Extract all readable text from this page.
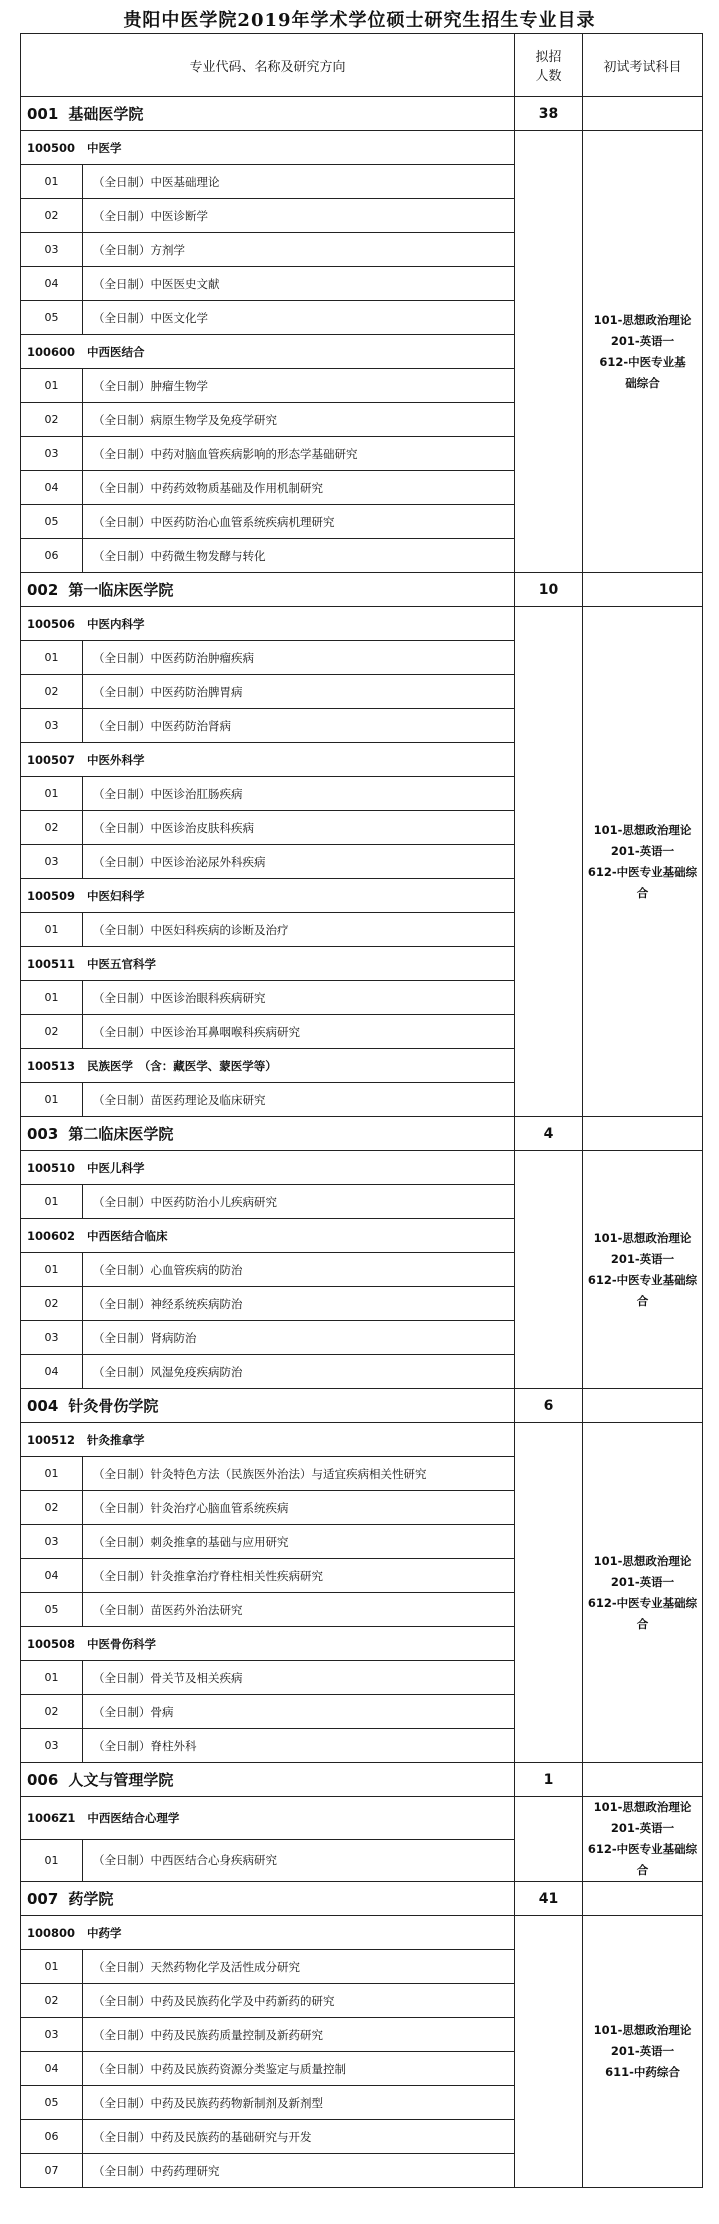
贵阳中医学院2019年学术学位硕士研究生招生专业目录
专业代码、名称及研究方向		拟招
人数	初试考试科目

001 基础医学院		38	
100500 中医学			101-思想政治理论
201-英语一
612-中医专业基
础综合

01	（全日制）中医基础理论		
02	（全日制）中医诊断学		
03	（全日制）方剂学		
04	（全日制）中医医史文献		
05	（全日制）中医文化学		
100600 中西医结合			
01	（全日制）肿瘤生物学		
02	（全日制）病原生物学及免疫学研究		
03	（全日制）中药对脑血管疾病影响的形态学基础研究		
04	（全日制）中药药效物质基础及作用机制研究		
05	（全日制）中医药防治心血管系统疾病机理研究		
06	（全日制）中药微生物发酵与转化		
002 第一临床医学院		10	
100506 中医内科学			101-思想政治理论
201-英语一
612-中医专业基础综
合

01	（全日制）中医药防治肿瘤疾病		
02	（全日制）中医药防治脾胃病		
03	（全日制）中医药防治肾病		
100507 中医外科学			
01	（全日制）中医诊治肛肠疾病		
02	（全日制）中医诊治皮肤科疾病		
03	（全日制）中医诊治泌尿外科疾病		
100509 中医妇科学			
01	（全日制）中医妇科疾病的诊断及治疗		
100511 中医五官科学			
01	（全日制）中医诊治眼科疾病研究		
02	（全日制）中医诊治耳鼻咽喉科疾病研究		
100513 民族医学　（含：藏医学、蒙医学等）			
01	（全日制）苗医药理论及临床研究		
003 第二临床医学院		4	
100510 中医儿科学			101-思想政治理论
201-英语一
612-中医专业基础综
合

01	（全日制）中医药防治小儿疾病研究		
100602 中西医结合临床			
01	（全日制）心血管疾病的防治		
02	（全日制）神经系统疾病防治		
03	（全日制）肾病防治		
04	（全日制）风湿免疫疾病防治		
004 针灸骨伤学院		6	
100512 针灸推拿学			101-思想政治理论
201-英语一
612-中医专业基础综
合

01	（全日制）针灸特色方法（民族医外治法）与适宜疾病相关性研究		
02	（全日制）针灸治疗心脑血管系统疾病		
03	（全日制）刺灸推拿的基础与应用研究		
04	（全日制）针灸推拿治疗脊柱相关性疾病研究		
05	（全日制）苗医药外治法研究		
100508 中医骨伤科学			
01	（全日制）骨关节及相关疾病		
02	（全日制）骨病		
03	（全日制）脊柱外科		
006 人文与管理学院		1	
1006Z1 中西医结合心理学			101-思想政治理论
201-英语一
612-中医专业基础综
合

01	（全日制）中西医结合心身疾病研究		
007 药学院		41	
100800 中药学			101-思想政治理论
201-英语一
611-中药综合

01	（全日制）天然药物化学及活性成分研究		
02	（全日制）中药及民族药化学及中药新药的研究		
03	（全日制）中药及民族药质量控制及新药研究		
04	（全日制）中药及民族药资源分类鉴定与质量控制		
05	（全日制）中药及民族药药物新制剂及新剂型		
06	（全日制）中药及民族药的基础研究与开发		
07	（全日制）中药药理研究		
